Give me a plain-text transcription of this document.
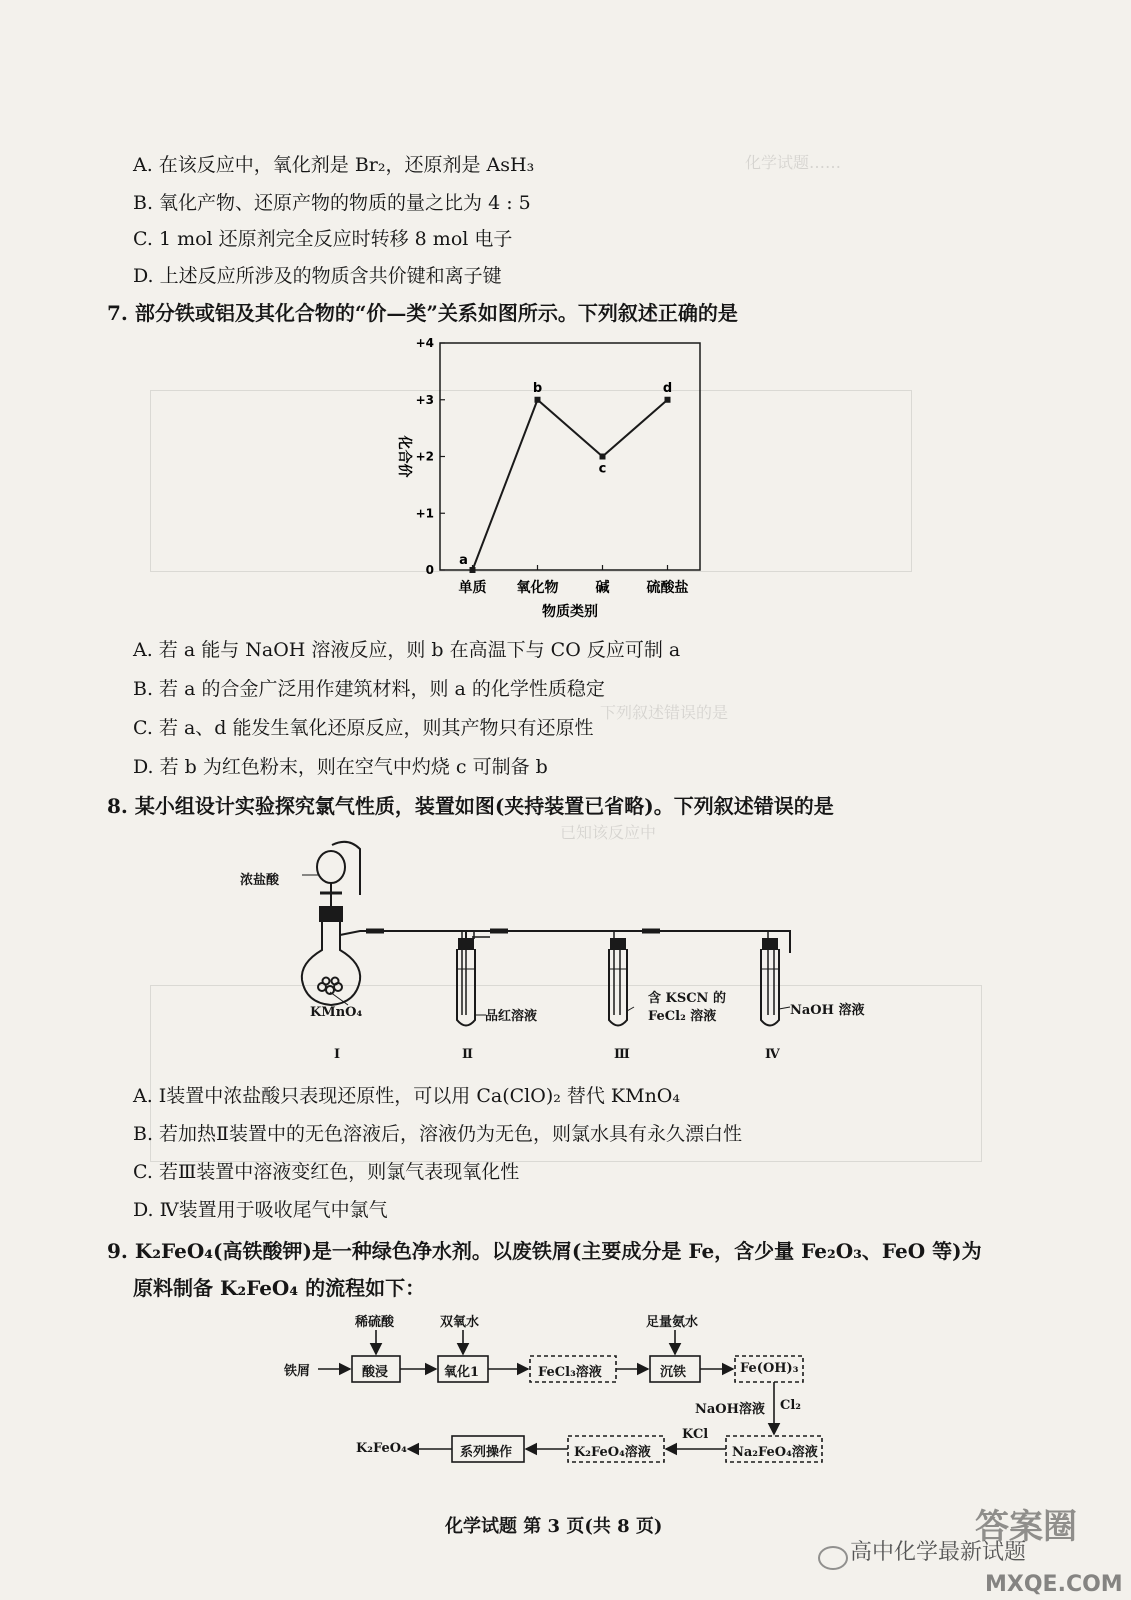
化学试题……
下列叙述错误的是
已知该反应中
A. 在该反应中，氧化剂是 Br₂，还原剂是 AsH₃
B. 氧化产物、还原产物的物质的量之比为 4 : 5
C. 1 mol 还原剂完全反应时转移 8 mol 电子
D. 上述反应所涉及的物质含共价键和离子键
7. 部分铁或铝及其化合物的“价—类”关系如图所示。下列叙述正确的是
0
+1
+2
+3
+4
单质 氧化物	碱	硫酸盐
化合价
物质类别
a
b
c
d
A. 若 a 能与 NaOH 溶液反应，则 b 在高温下与 CO 反应可制 a
B. 若 a 的合金广泛用作建筑材料，则 a 的化学性质稳定
C. 若 a、d 能发生氧化还原反应，则其产物只有还原性
D. 若 b 为红色粉末，则在空气中灼烧 c 可制备 b
8. 某小组设计实验探究氯气性质，装置如图(夹持装置已省略)。下列叙述错误的是
浓盐酸
KMnO₄	品红溶液
含 KSCN 的
FeCl₂ 溶液	NaOH 溶液
Ⅰ	Ⅱ	Ⅲ	Ⅳ
A. Ⅰ装置中浓盐酸只表现还原性，可以用 Ca(ClO)₂ 替代 KMnO₄
B. 若加热Ⅱ装置中的无色溶液后，溶液仍为无色，则氯水具有永久漂白性
C. 若Ⅲ装置中溶液变红色，则氯气表现氧化性
D. Ⅳ装置用于吸收尾气中氯气
9. K₂FeO₄(高铁酸钾)是一种绿色净水剂。以废铁屑(主要成分是 Fe，含少量 Fe₂O₃、FeO 等)为
原料制备 K₂FeO₄ 的流程如下：
稀硫酸	双氧水	足量氨水
铁屑	酸浸	氧化1	FeCl₃溶液	沉铁	Fe(OH)₃
NaOH溶液 Cl₂
Na₂FeO₄溶液
KCl
K₂FeO₄溶液
系列操作
K₂FeO₄
化学试题 第 3 页(共 8 页)
高中化学最新试题
答案圈
MXQE.COM
